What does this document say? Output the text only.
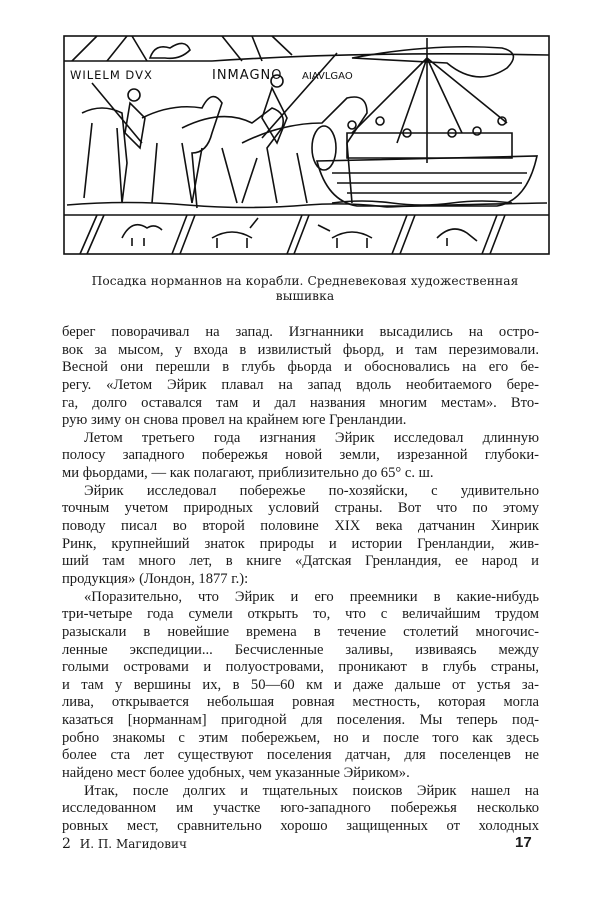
WILELM DVX	INMAGNO AIAVLGAO
Посадка норманнов на корабли. Средневековая художественная
вышивка
берег поворачивал на запад. Изгнанники высадились на остро-
вок за мысом, у входа в извилистый фьорд, и там перезимовали.
Весной они перешли в глубь фьорда и обосновались на его бе-
регу. «Летом Эйрик плавал на запад вдоль необитаемого бере-
га, долго оставался там и дал названия многим местам». Вто-
рую зиму он снова провел на крайнем юге Гренландии.
Летом третьего года изгнания Эйрик исследовал длинную
полосу западного побережья новой земли, изрезанной глубоки-
ми фьордами, — как полагают, приблизительно до 65° с. ш.
Эйрик исследовал побережье по-хозяйски, с удивительно
точным учетом природных условий страны. Вот что по этому
поводу писал во второй половине XIX века датчанин Хинрик
Ринк, крупнейший знаток природы и истории Гренландии, жив-
ший там много лет, в книге «Датская Гренландия, ее народ и
продукция» (Лондон, 1877 г.):
«Поразительно, что Эйрик и его преемники в какие-нибудь
три-четыре года сумели открыть то, что с величайшим трудом
разыскали в новейшие времена в течение столетий многочис-
ленные экспедиции... Бесчисленные заливы, извиваясь между
голыми островами и полуостровами, проникают в глубь страны,
и там у вершины их, в 50—60 км и даже дальше от устья за-
лива, открывается небольшая ровная местность, которая могла
казаться [норманнам] пригодной для поселения. Мы теперь под-
робно знакомы с этим побережьем, но и после того как здесь
более ста лет существуют поселения датчан, для поселенцев не
найдено мест более удобных, чем указанные Эйриком».
Итак, после долгих и тщательных поисков Эйрик нашел на
исследованном им участке юго-западного побережья несколько
ровных мест, сравнительно хорошо защищенных от холодных
2 И. П. Магидович	17
